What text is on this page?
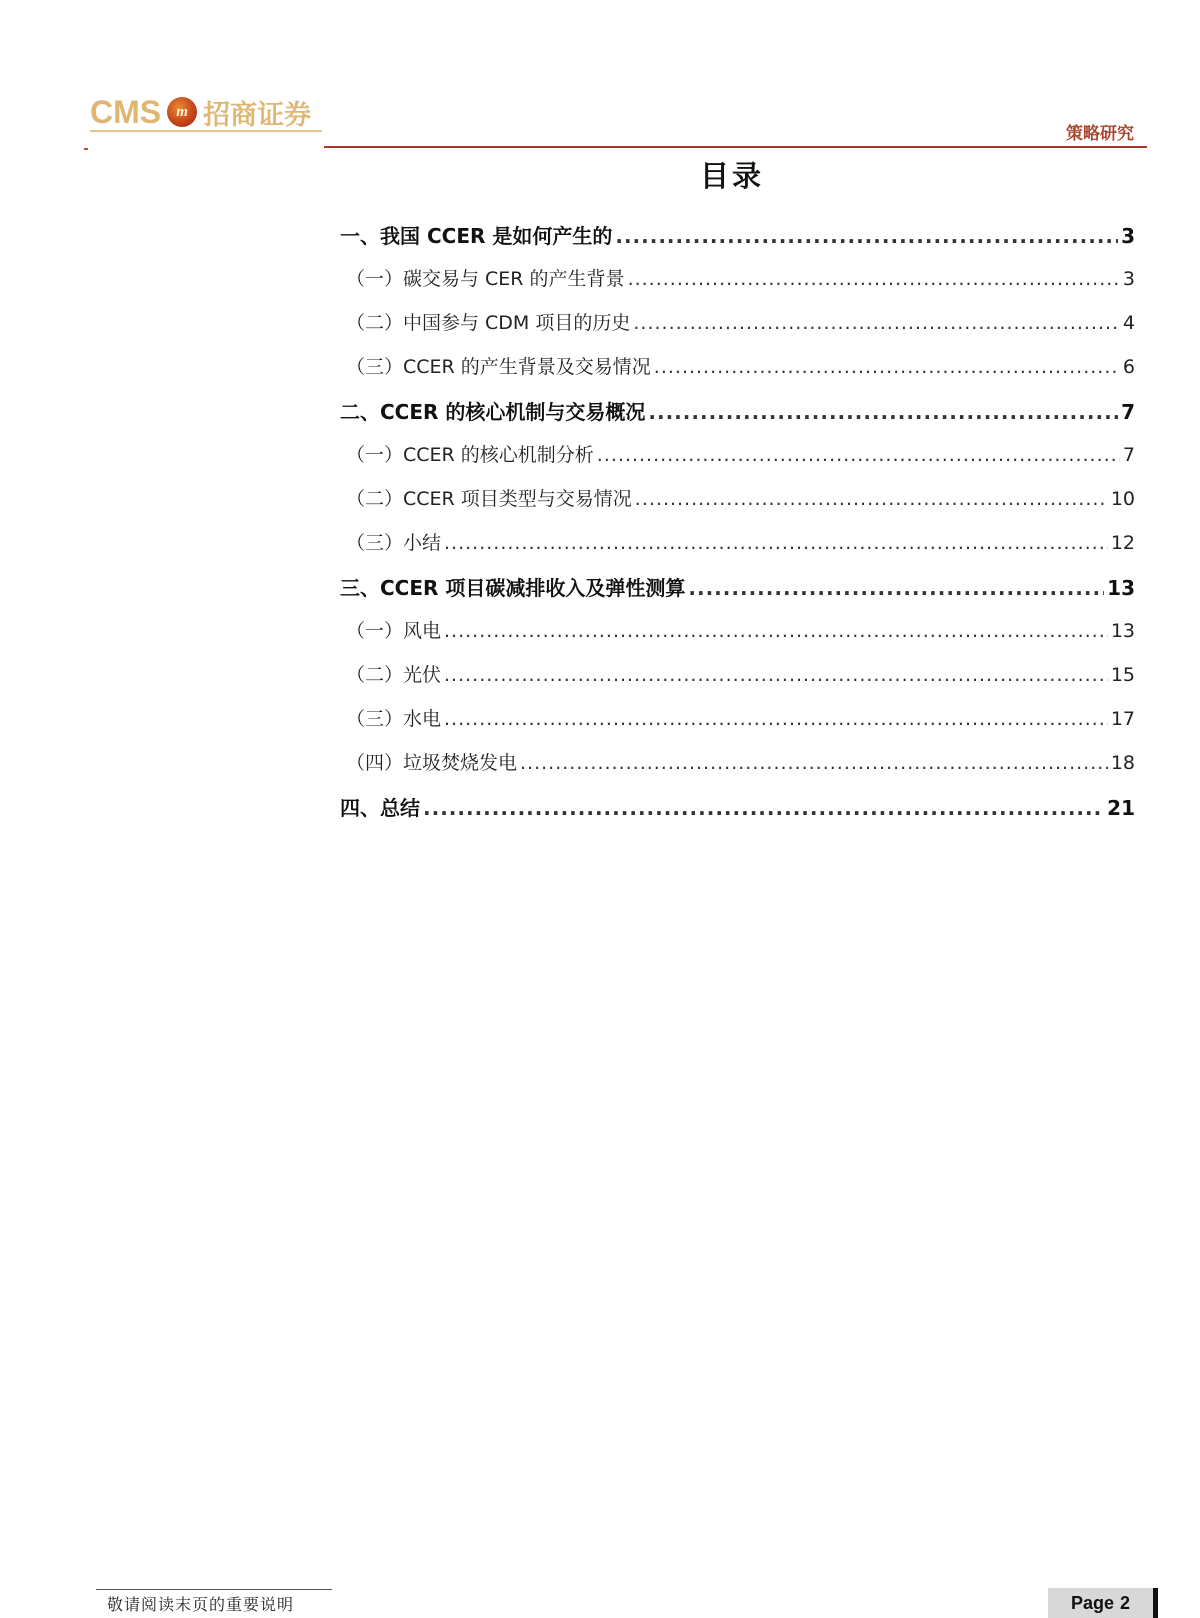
CMS	m 招商证券
策略研究
目录
一、我国 CCER 是如何产生的 .....	3
（一）碳交易与 CER 的产生背景 .....	3
（二）中国参与 CDM 项目的历史 .....	4
（三）CCER 的产生背景及交易情况 .....	6
二、CCER 的核心机制与交易概况 .....	7
（一）CCER 的核心机制分析 .....	7
（二）CCER 项目类型与交易情况 .....	10
（三）小结 .....	12
三、CCER 项目碳减排收入及弹性测算 .....	13
（一）风电 .....	13
（二）光伏 .....	15
（三）水电 .....	17
（四）垃圾焚烧发电 .....	18
四、总结 .....	21
敬请阅读末页的重要说明	Page 2
